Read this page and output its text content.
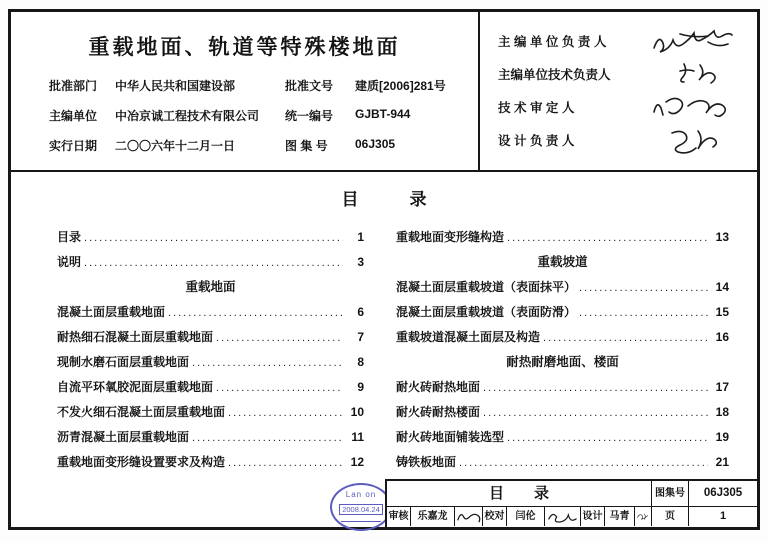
重载地面、轨道等特殊楼地面
批准部门	中华人民共和国建设部	批准文号	建质[2006]281号
主编单位	中冶京诚工程技术有限公司	统一编号	GJBT-944
实行日期	二〇〇六年十二月一日	图 集 号	06J305
主 编 单 位 负 责 人
主编单位技术负责人
技 术 审 定 人
设 计 负 责 人
目　　　录
目录 .....	1
说明 .....	3
重载地面
混凝土面层重载地面 .....	6
耐热细石混凝土面层重载地面 .....	7
现制水磨石面层重载地面 .....	8
自流平环氧胶泥面层重载地面 .....	9
不发火细石混凝土面层重载地面 .....	10
沥青混凝土面层重载地面 .....	11
重载地面变形缝设置要求及构造 .....	12
重载地面变形缝构造 .....	13
重载坡道
混凝土面层重载坡道（表面抹平） .....	14
混凝土面层重载坡道（表面防滑） .....	15
重载坡道混凝土面层及构造 .....	16
耐热耐磨地面、楼面
耐火砖耐热地面 .....	17
耐火砖耐热楼面 .....	18
耐火砖地面铺装选型 .....	19
铸铁板地面 .....	21
Lan on
2008.04.24
目　　录	图集号	06J305
审核 乐嘉龙	校对	闫伦	设计 马青	页	1
